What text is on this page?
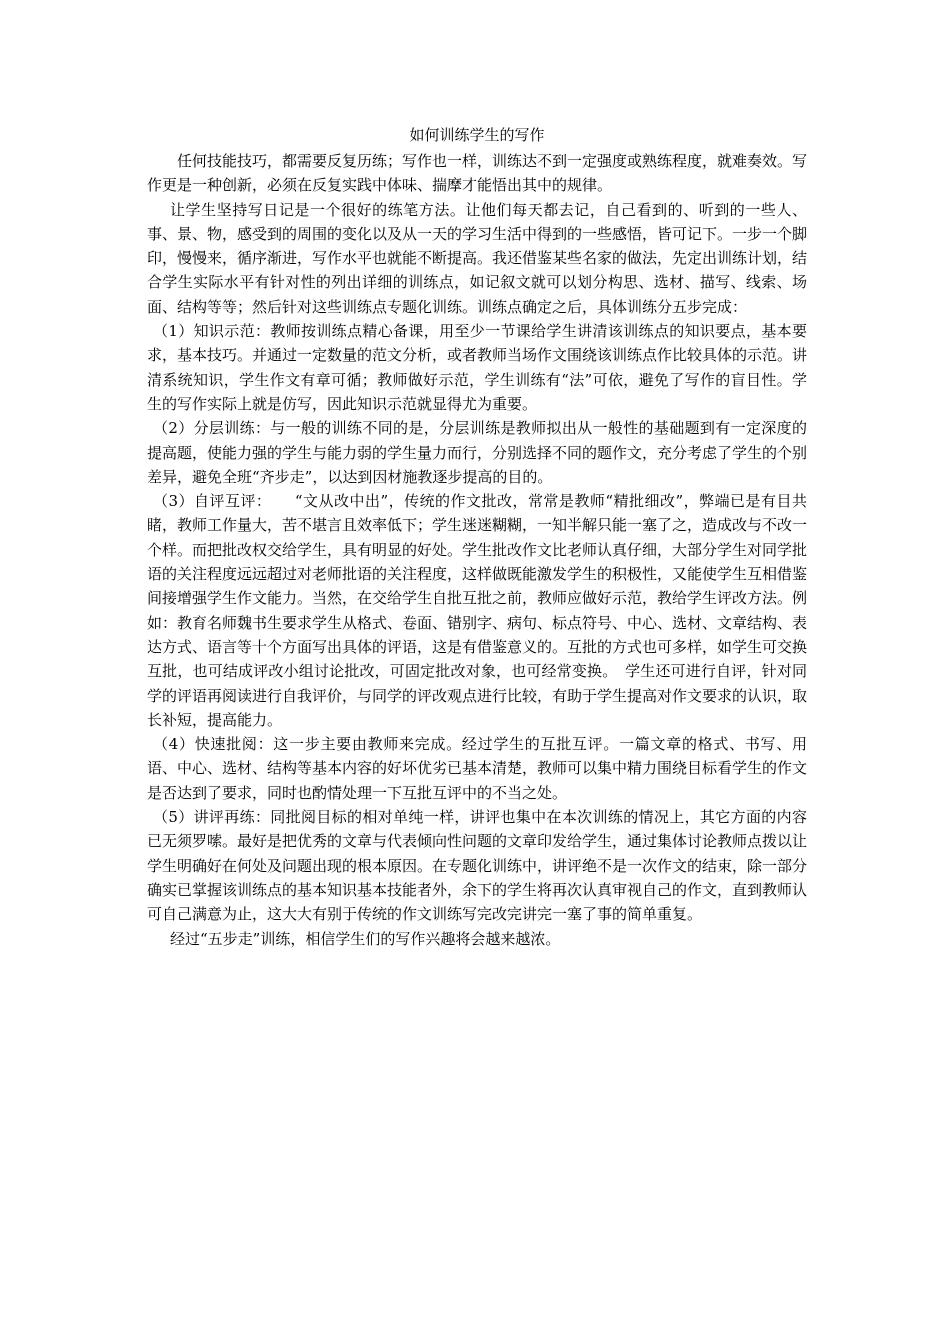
如何训练学生的写作

任何技能技巧，都需要反复历练；写作也一样，训练达不到一定强度或熟练程度，就难奏效。写作更是一种创新，必须在反复实践中体味、揣摩才能悟出其中的规律。

让学生坚持写日记是一个很好的练笔方法。让他们每天都去记，自己看到的、听到的一些人、事、景、物，感受到的周围的变化以及从一天的学习生活中得到的一些感悟，皆可记下。一步一个脚印，慢慢来，循序渐进，写作水平也就能不断提高。我还借鉴某些名家的做法，先定出训练计划，结合学生实际水平有针对性的列出详细的训练点，如记叙文就可以划分构思、选材、描写、线索、场面、结构等等；然后针对这些训练点专题化训练。训练点确定之后，具体训练分五步完成：

（1）知识示范：教师按训练点精心备课，用至少一节课给学生讲清该训练点的知识要点，基本要求，基本技巧。并通过一定数量的范文分析，或者教师当场作文围绕该训练点作比较具体的示范。讲清系统知识，学生作文有章可循；教师做好示范，学生训练有“法”可依，避免了写作的盲目性。学生的写作实际上就是仿写，因此知识示范就显得尤为重要。

（2）分层训练：与一般的训练不同的是，分层训练是教师拟出从一般性的基础题到有一定深度的提高题，使能力强的学生与能力弱的学生量力而行，分别选择不同的题作文，充分考虑了学生的个别差异，避免全班“齐步走”，以达到因材施教逐步提高的目的。

（3）自评互评：　　“文从改中出”，传统的作文批改，常常是教师“精批细改”，弊端已是有目共睹，教师工作量大，苦不堪言且效率低下；学生迷迷糊糊，一知半解只能一塞了之，造成改与不改一个样。而把批改权交给学生，具有明显的好处。学生批改作文比老师认真仔细，大部分学生对同学批语的关注程度远远超过对老师批语的关注程度，这样做既能激发学生的积极性，又能使学生互相借鉴间接增强学生作文能力。当然，在交给学生自批互批之前，教师应做好示范，教给学生评改方法。例如：教育名师魏书生要求学生从格式、卷面、错别字、病句、标点符号、中心、选材、文章结构、表达方式、语言等十个方面写出具体的评语，这是有借鉴意义的。互批的方式也可多样，如学生可交换互批，也可结成评改小组讨论批改，可固定批改对象，也可经常变换。　学生还可进行自评，针对同学的评语再阅读进行自我评价，与同学的评改观点进行比较，有助于学生提高对作文要求的认识，取长补短，提高能力。

（4）快速批阅：这一步主要由教师来完成。经过学生的互批互评。一篇文章的格式、书写、用语、中心、选材、结构等基本内容的好坏优劣已基本清楚，教师可以集中精力围绕目标看学生的作文是否达到了要求，同时也酌情处理一下互批互评中的不当之处。

（5）讲评再练：同批阅目标的相对单纯一样，讲评也集中在本次训练的情况上，其它方面的内容已无须罗嗦。最好是把优秀的文章与代表倾向性问题的文章印发给学生，通过集体讨论教师点拨以让学生明确好在何处及问题出现的根本原因。在专题化训练中，讲评绝不是一次作文的结束，除一部分确实已掌握该训练点的基本知识基本技能者外，余下的学生将再次认真审视自己的作文，直到教师认可自己满意为止，这大大有别于传统的作文训练写完改完讲完一塞了事的简单重复。

经过“五步走”训练，相信学生们的写作兴趣将会越来越浓。
